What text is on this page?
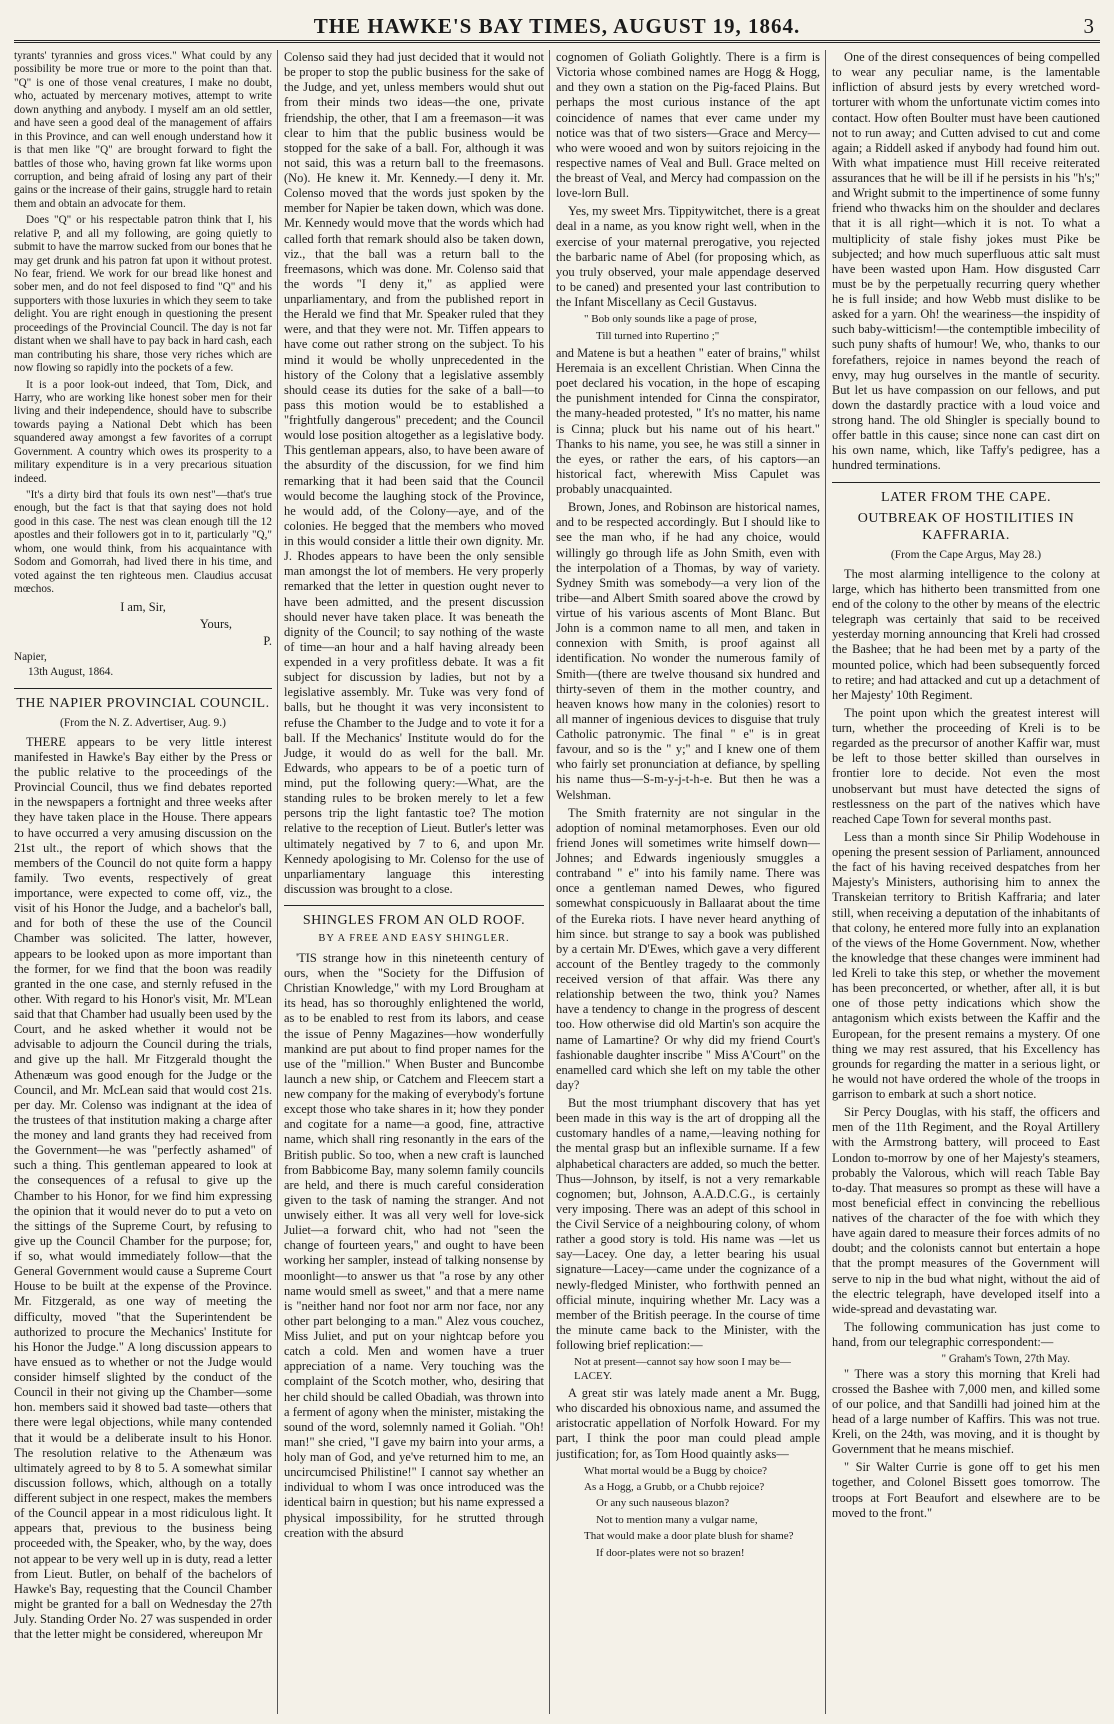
THE HAWKE'S BAY TIMES, AUGUST 19, 1864.	3

tyrants' tyrannies and gross vices." What could by any possibility be more true or more to the point than that. "Q" is one of those venal creatures, I make no doubt, who, actuated by mercenary motives, attempt to write down anything and anybody. I myself am an old settler, and have seen a good deal of the management of affairs in this Province, and can well enough understand how it is that men like "Q" are brought forward to fight the battles of those who, having grown fat like worms upon corruption, and being afraid of losing any part of their gains or the increase of their gains, struggle hard to retain them and obtain an advocate for them.

Does "Q" or his respectable patron think that I, his relative P, and all my following, are going quietly to submit to have the marrow sucked from our bones that he may get drunk and his patron fat upon it without protest. No fear, friend. We work for our bread like honest and sober men, and do not feel disposed to find "Q" and his supporters with those luxuries in which they seem to take delight. You are right enough in questioning the present proceedings of the Provincial Council. The day is not far distant when we shall have to pay back in hard cash, each man contributing his share, those very riches which are now flowing so rapidly into the pockets of a few.

It is a poor look-out indeed, that Tom, Dick, and Harry, who are working like honest sober men for their living and their independence, should have to subscribe towards paying a National Debt which has been squandered away amongst a few favorites of a corrupt Government. A country which owes its prosperity to a military expenditure is in a very precarious situation indeed.

"It's a dirty bird that fouls its own nest"—that's true enough, but the fact is that that saying does not hold good in this case. The nest was clean enough till the 12 apostles and their followers got in to it, particularly "Q," whom, one would think, from his acquaintance with Sodom and Gomorrah, had lived there in his time, and voted against the ten righteous men. Claudius accusat mœchos.

I am, Sir,
Yours,
P.
Napier,
13th August, 1864.
THE NAPIER PROVINCIAL COUNCIL.
(From the N. Z. Advertiser, Aug. 9.)

THERE appears to be very little interest manifested in Hawke's Bay either by the Press or the public relative to the proceedings of the Provincial Council, thus we find debates reported in the newspapers a fortnight and three weeks after they have taken place in the House. There appears to have occurred a very amusing discussion on the 21st ult., the report of which shows that the members of the Council do not quite form a happy family. Two events, respectively of great importance, were expected to come off, viz., the visit of his Honor the Judge, and a bachelor's ball, and for both of these the use of the Council Chamber was solicited. The latter, however, appears to be looked upon as more important than the former, for we find that the boon was readily granted in the one case, and sternly refused in the other. With regard to his Honor's visit, Mr. M'Lean said that that Chamber had usually been used by the Court, and he asked whether it would not be advisable to adjourn the Council during the trials, and give up the hall. Mr Fitzgerald thought the Athenæum was good enough for the Judge or the Council, and Mr. McLean said that would cost 21s. per day. Mr. Colenso was indignant at the idea of the trustees of that institution making a charge after the money and land grants they had received from the Government—he was "perfectly ashamed" of such a thing. This gentleman appeared to look at the consequences of a refusal to give up the Chamber to his Honor, for we find him expressing the opinion that it would never do to put a veto on the sittings of the Supreme Court, by refusing to give up the Council Chamber for the purpose; for, if so, what would immediately follow—that the General Government would cause a Supreme Court House to be built at the expense of the Province. Mr. Fitzgerald, as one way of meeting the difficulty, moved "that the Superintendent be authorized to procure the Mechanics' Institute for his Honor the Judge." A long discussion appears to have ensued as to whether or not the Judge would consider himself slighted by the conduct of the Council in their not giving up the Chamber—some hon. members said it showed bad taste—others that there were legal objections, while many contended that it would be a deliberate insult to his Honor. The resolution relative to the Athenæum was ultimately agreed to by 8 to 5. A somewhat similar discussion follows, which, although on a totally different subject in one respect, makes the members of the Council appear in a most ridiculous light. It appears that, previous to the business being proceeded with, the Speaker, who, by the way, does not appear to be very well up in is duty, read a letter from Lieut. Butler, on behalf of the bachelors of Hawke's Bay, requesting that the Council Chamber might be granted for a ball on Wednesday the 27th July. Standing Order No. 27 was suspended in order that the letter might be considered, whereupon Mr

Colenso said they had just decided that it would not be proper to stop the public business for the sake of the Judge, and yet, unless members would shut out from their minds two ideas—the one, private friendship, the other, that I am a freemason—it was clear to him that the public business would be stopped for the sake of a ball. For, although it was not said, this was a return ball to the freemasons. (No). He knew it. Mr. Kennedy.—I deny it. Mr. Colenso moved that the words just spoken by the member for Napier be taken down, which was done. Mr. Kennedy would move that the words which had called forth that remark should also be taken down, viz., that the ball was a return ball to the freemasons, which was done. Mr. Colenso said that the words "I deny it," as applied were unparliamentary, and from the published report in the Herald we find that Mr. Speaker ruled that they were, and that they were not. Mr. Tiffen appears to have come out rather strong on the subject. To his mind it would be wholly unprecedented in the history of the Colony that a legislative assembly should cease its duties for the sake of a ball—to pass this motion would be to established a "frightfully dangerous" precedent; and the Council would lose position altogether as a legislative body. This gentleman appears, also, to have been aware of the absurdity of the discussion, for we find him remarking that it had been said that the Council would become the laughing stock of the Province, he would add, of the Colony—aye, and of the colonies. He begged that the members who moved in this would consider a little their own dignity. Mr. J. Rhodes appears to have been the only sensible man amongst the lot of members. He very properly remarked that the letter in question ought never to have been admitted, and the present discussion should never have taken place. It was beneath the dignity of the Council; to say nothing of the waste of time—an hour and a half having already been expended in a very profitless debate. It was a fit subject for discussion by ladies, but not by a legislative assembly. Mr. Tuke was very fond of balls, but he thought it was very inconsistent to refuse the Chamber to the Judge and to vote it for a ball. If the Mechanics' Institute would do for the Judge, it would do as well for the ball. Mr. Edwards, who appears to be of a poetic turn of mind, put the following query:—What, are the standing rules to be broken merely to let a few persons trip the light fantastic toe? The motion relative to the reception of Lieut. Butler's letter was ultimately negatived by 7 to 6, and upon Mr. Kennedy apologising to Mr. Colenso for the use of unparliamentary language this interesting discussion was brought to a close.

SHINGLES FROM AN OLD ROOF.
BY A FREE AND EASY SHINGLER.

'TIS strange how in this nineteenth century of ours, when the "Society for the Diffusion of Christian Knowledge," with my Lord Brougham at its head, has so thoroughly enlightened the world, as to be enabled to rest from its labors, and cease the issue of Penny Magazines—how wonderfully mankind are put about to find proper names for the use of the "million." When Buster and Buncombe launch a new ship, or Catchem and Fleecem start a new company for the making of everybody's fortune except those who take shares in it; how they ponder and cogitate for a name—a good, fine, attractive name, which shall ring resonantly in the ears of the British public. So too, when a new craft is launched from Babbicome Bay, many solemn family councils are held, and there is much careful consideration given to the task of naming the stranger. And not unwisely either. It was all very well for love-sick Juliet—a forward chit, who had not "seen the change of fourteen years," and ought to have been working her sampler, instead of talking nonsense by moonlight—to answer us that "a rose by any other name would smell as sweet," and that a mere name is "neither hand nor foot nor arm nor face, nor any other part belonging to a man." Alez vous couchez, Miss Juliet, and put on your nightcap before you catch a cold. Men and women have a truer appreciation of a name. Very touching was the complaint of the Scotch mother, who, desiring that her child should be called Obadiah, was thrown into a ferment of agony when the minister, mistaking the sound of the word, solemnly named it Goliah. "Oh! man!" she cried, "I gave my bairn into your arms, a holy man of God, and ye've returned him to me, an uncircumcised Philistine!" I cannot say whether an individual to whom I was once introduced was the identical bairn in question; but his name expressed a physical impossibility, for he strutted through creation with the absurd

cognomen of Goliath Golightly. There is a firm is Victoria whose combined names are Hogg & Hogg, and they own a station on the Pig-faced Plains. But perhaps the most curious instance of the apt coincidence of names that ever came under my notice was that of two sisters—Grace and Mercy—who were wooed and won by suitors rejoicing in the respective names of Veal and Bull. Grace melted on the breast of Veal, and Mercy had compassion on the love-lorn Bull.

Yes, my sweet Mrs. Tippitywitchet, there is a great deal in a name, as you know right well, when in the exercise of your maternal prerogative, you rejected the barbaric name of Abel (for proposing which, as you truly observed, your male appendage deserved to be caned) and presented your last contribution to the Infant Miscellany as Cecil Gustavus.

" Bob only sounds like a page of prose,
Till turned into Rupertino ;"

and Matene is but a heathen " eater of brains," whilst Heremaia is an excellent Christian. When Cinna the poet declared his vocation, in the hope of escaping the punishment intended for Cinna the conspirator, the many-headed protested, " It's no matter, his name is Cinna; pluck but his name out of his heart." Thanks to his name, you see, he was still a sinner in the eyes, or rather the ears, of his captors—an historical fact, wherewith Miss Capulet was probably unacquainted.

Brown, Jones, and Robinson are historical names, and to be respected accordingly. But I should like to see the man who, if he had any choice, would willingly go through life as John Smith, even with the interpolation of a Thomas, by way of variety. Sydney Smith was somebody—a very lion of the tribe—and Albert Smith soared above the crowd by virtue of his various ascents of Mont Blanc. But John is a common name to all men, and taken in connexion with Smith, is proof against all identification. No wonder the numerous family of Smith—(there are twelve thousand six hundred and thirty-seven of them in the mother country, and heaven knows how many in the colonies) resort to all manner of ingenious devices to disguise that truly Catholic patronymic. The final " e" is in great favour, and so is the " y;" and I knew one of them who fairly set pronunciation at defiance, by spelling his name thus—S-m-y-j-t-h-e. But then he was a Welshman.

The Smith fraternity are not singular in the adoption of nominal metamorphoses. Even our old friend Jones will sometimes write himself down—Johnes; and Edwards ingeniously smuggles a contraband " e" into his family name. There was once a gentleman named Dewes, who figured somewhat conspicuously in Ballaarat about the time of the Eureka riots. I have never heard anything of him since. but strange to say a book was published by a certain Mr. D'Ewes, which gave a very different account of the Bentley tragedy to the commonly received version of that affair. Was there any relationship between the two, think you? Names have a tendency to change in the progress of descent too. How otherwise did old Martin's son acquire the name of Lamartine? Or why did my friend Court's fashionable daughter inscribe " Miss A'Court" on the enamelled card which she left on my table the other day?

But the most triumphant discovery that has yet been made in this way is the art of dropping all the customary handles of a name,—leaving nothing for the mental grasp but an inflexible surname. If a few alphabetical characters are added, so much the better. Thus—Johnson, by itself, is not a very remarkable cognomen; but, Johnson, A.A.D.C.G., is certainly very imposing. There was an adept of this school in the Civil Service of a neighbouring colony, of whom rather a good story is told. His name was —let us say—Lacey. One day, a letter bearing his usual signature—Lacey—came under the cognizance of a newly-fledged Minister, who forthwith penned an official minute, inquiring whether Mr. Lacy was a member of the British peerage. In the course of time the minute came back to the Minister, with the following brief replication:—

Not at present—cannot say how soon I may be—LACEY.

A great stir was lately made anent a Mr. Bugg, who discarded his obnoxious name, and assumed the aristocratic appellation of Norfolk Howard. For my part, I think the poor man could plead ample justification; for, as Tom Hood quaintly asks—

What mortal would be a Bugg by choice?
As a Hogg, a Grubb, or a Chubb rejoice?
Or any such nauseous blazon?
Not to mention many a vulgar name,
That would make a door plate blush for shame?
If door-plates were not so brazen!

One of the direst consequences of being compelled to wear any peculiar name, is the lamentable infliction of absurd jests by every wretched word-torturer with whom the unfortunate victim comes into contact. How often Boulter must have been cautioned not to run away; and Cutten advised to cut and come again; a Riddell asked if anybody had found him out. With what impatience must Hill receive reiterated assurances that he will be ill if he persists in his "h's;" and Wright submit to the impertinence of some funny friend who thwacks him on the shoulder and declares that it is all right—which it is not. To what a multiplicity of stale fishy jokes must Pike be subjected; and how much superfluous attic salt must have been wasted upon Ham. How disgusted Carr must be by the perpetually recurring query whether he is full inside; and how Webb must dislike to be asked for a yarn. Oh! the weariness—the inspidity of such baby-witticism!—the contemptible imbecility of such puny shafts of humour! We, who, thanks to our forefathers, rejoice in names beyond the reach of envy, may hug ourselves in the mantle of security. But let us have compassion on our fellows, and put down the dastardly practice with a loud voice and strong hand. The old Shingler is specially bound to offer battle in this cause; since none can cast dirt on his own name, which, like Taffy's pedigree, has a hundred terminations.

LATER FROM THE CAPE.
OUTBREAK OF HOSTILITIES IN KAFFRARIA.
(From the Cape Argus, May 28.)

The most alarming intelligence to the colony at large, which has hitherto been transmitted from one end of the colony to the other by means of the electric telegraph was certainly that said to be received yesterday morning announcing that Kreli had crossed the Bashee; that he had been met by a party of the mounted police, which had been subsequently forced to retire; and had attacked and cut up a detachment of her Majesty' 10th Regiment.

The point upon which the greatest interest will turn, whether the proceeding of Kreli is to be regarded as the precursor of another Kaffir war, must be left to those better skilled than ourselves in frontier lore to decide. Not even the most unobservant but must have detected the signs of restlessness on the part of the natives which have reached Cape Town for several months past.

Less than a month since Sir Philip Wodehouse in opening the present session of Parliament, announced the fact of his having received despatches from her Majesty's Ministers, authorising him to annex the Transkeian territory to British Kaffraria; and later still, when receiving a deputation of the inhabitants of that colony, he entered more fully into an explanation of the views of the Home Government. Now, whether the knowledge that these changes were imminent had led Kreli to take this step, or whether the movement has been preconcerted, or whether, after all, it is but one of those petty indications which show the antagonism which exists between the Kaffir and the European, for the present remains a mystery. Of one thing we may rest assured, that his Excellency has grounds for regarding the matter in a serious light, or he would not have ordered the whole of the troops in garrison to embark at such a short notice.

Sir Percy Douglas, with his staff, the officers and men of the 11th Regiment, and the Royal Artillery with the Armstrong battery, will proceed to East London to-morrow by one of her Majesty's steamers, probably the Valorous, which will reach Table Bay to-day. That measures so prompt as these will have a most beneficial effect in convincing the rebellious natives of the character of the foe with which they have again dared to measure their forces admits of no doubt; and the colonists cannot but entertain a hope that the prompt measures of the Government will serve to nip in the bud what night, without the aid of the electric telegraph, have developed itself into a wide-spread and devastating war.

The following communication has just come to hand, from our telegraphic correspondent:—

" Graham's Town, 27th May.

" There was a story this morning that Kreli had crossed the Bashee with 7,000 men, and killed some of our police, and that Sandilli had joined him at the head of a large number of Kaffirs. This was not true. Kreli, on the 24th, was moving, and it is thought by Government that he means mischief.

" Sir Walter Currie is gone off to get his men together, and Colonel Bissett goes tomorrow. The troops at Fort Beaufort and elsewhere are to be moved to the front."
